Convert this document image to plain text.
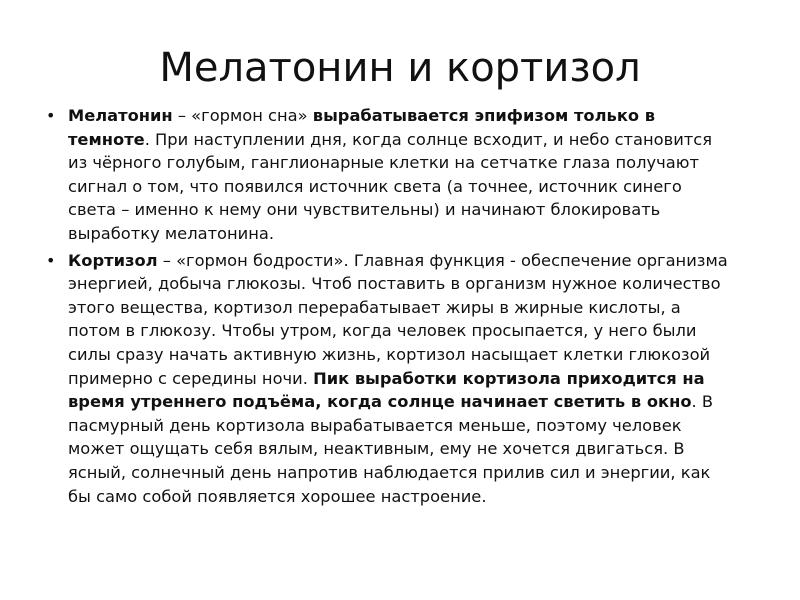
Мелатонин и кортизол
• Мелатонин – «гормон сна» вырабатывается эпифизом только в темноте. При наступлении дня, когда солнце всходит, и небо становится из чёрного голубым, ганглионарные клетки на сетчатке глаза получают сигнал о том, что появился источник света (а точнее, источник синего света – именно к нему они чувствительны) и начинают блокировать выработку мелатонина.
• Кортизол – «гормон бодрости». Главная функция - обеспечение организма энергией, добыча глюкозы. Чтоб поставить в организм нужное количество этого вещества, кортизол перерабатывает жиры в жирные кислоты, а потом в глюкозу. Чтобы утром, когда человек просыпается, у него были силы сразу начать активную жизнь, кортизол насыщает клетки глюкозой примерно с середины ночи. Пик выработки кортизола приходится на время утреннего подъёма, когда солнце начинает светить в окно. В пасмурный день кортизола вырабатывается меньше, поэтому человек может ощущать себя вялым, неактивным, ему не хочется двигаться. В ясный, солнечный день напротив наблюдается прилив сил и энергии, как бы само собой появляется хорошее настроение.
